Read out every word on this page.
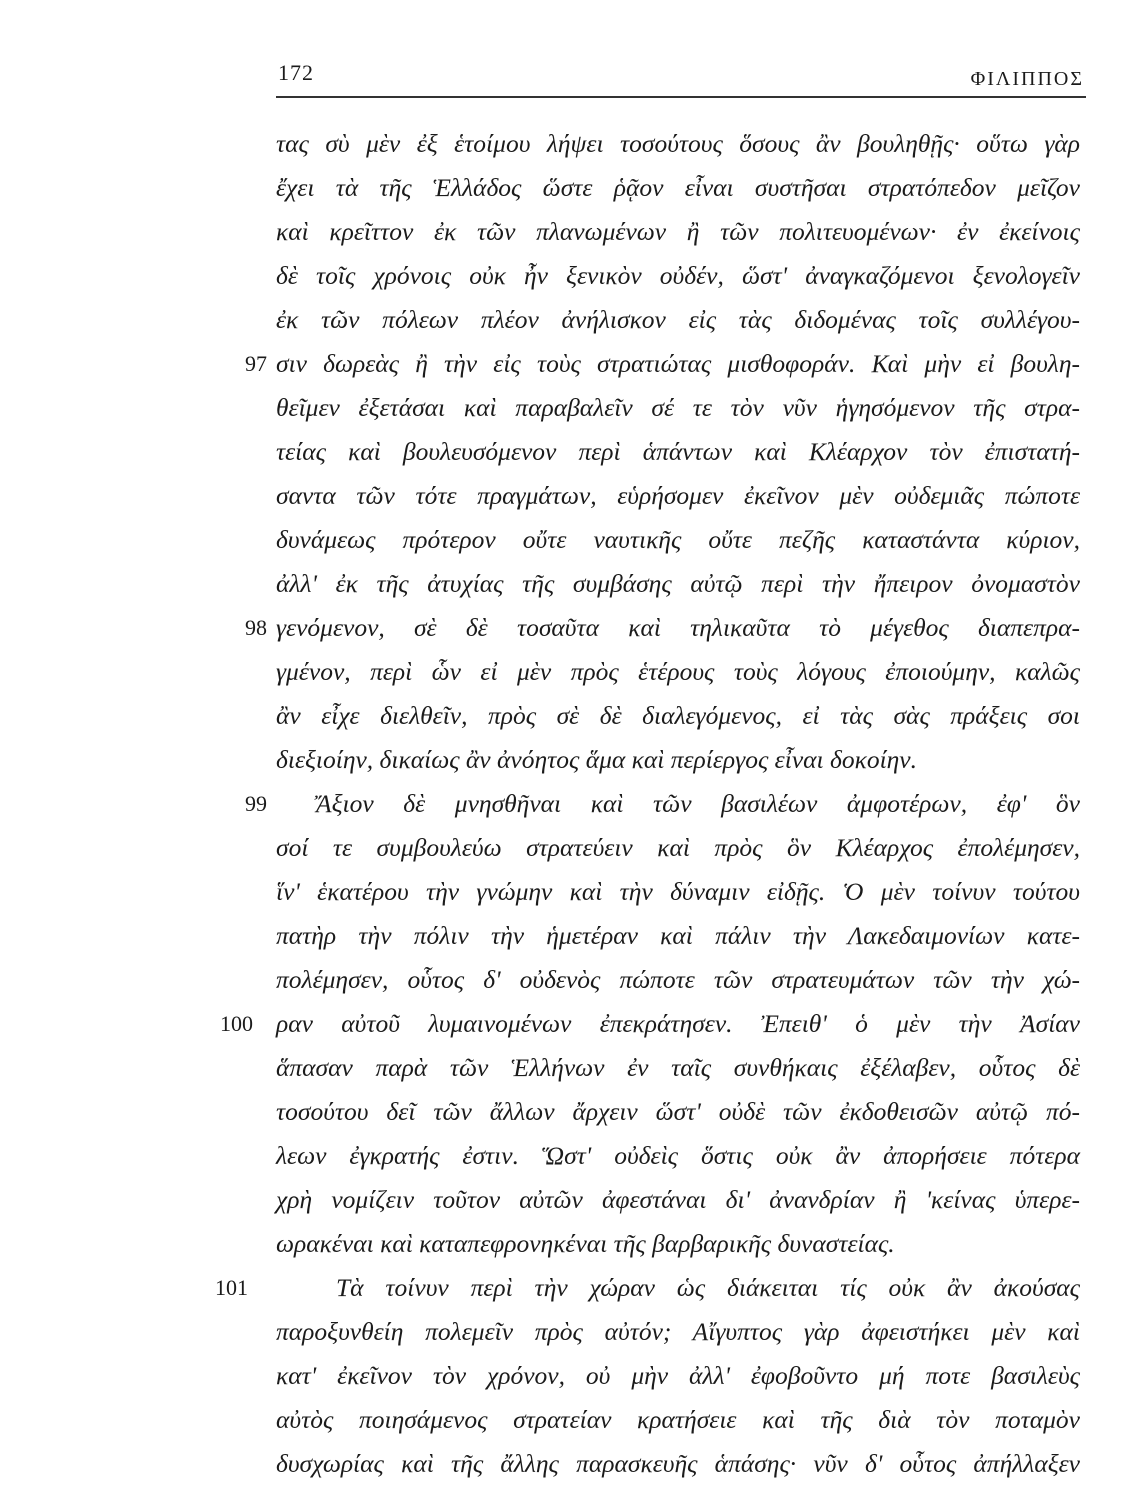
172	ΦΙΛΙΠΠΟΣ
τας σὺ μὲν ἐξ ἑτοίμου λήψει τοσούτους ὅσους ἂν βουληθῇς· οὕτω γὰρ
ἔχει τὰ τῆς Ἑλλάδος ὥστε ῥᾷον εἶναι συστῆσαι στρατόπεδον μεῖζον
καὶ κρεῖττον ἐκ τῶν πλανωμένων ἢ τῶν πολιτευομένων· ἐν ἐκείνοις
δὲ τοῖς χρόνοις οὐκ ἦν ξενικὸν οὐδέν, ὥστ' ἀναγκαζόμενοι ξενολογεῖν
ἐκ τῶν πόλεων πλέον ἀνήλισκον εἰς τὰς διδομένας τοῖς συλλέγου-
97 σιν δωρεὰς ἢ τὴν εἰς τοὺς στρατιώτας μισθοφοράν. Καὶ μὴν εἰ βουλη-
θεῖμεν ἐξετάσαι καὶ παραβαλεῖν σέ τε τὸν νῦν ἡγησόμενον τῆς στρα-
τείας καὶ βουλευσόμενον περὶ ἁπάντων καὶ Κλέαρχον τὸν ἐπιστατή-
σαντα τῶν τότε πραγμάτων, εὑρήσομεν ἐκεῖνον μὲν οὐδεμιᾶς πώποτε
δυνάμεως πρότερον οὔτε ναυτικῆς οὔτε πεζῆς καταστάντα κύριον,
ἀλλ' ἐκ τῆς ἀτυχίας τῆς συμβάσης αὐτῷ περὶ τὴν ἤπειρον ὀνομαστὸν
98 γενόμενον, σὲ δὲ τοσαῦτα καὶ τηλικαῦτα τὸ μέγεθος διαπεπρα-
γμένον, περὶ ὧν εἰ μὲν πρὸς ἑτέρους τοὺς λόγους ἐποιούμην, καλῶς
ἂν εἶχε διελθεῖν, πρὸς σὲ δὲ διαλεγόμενος, εἰ τὰς σὰς πράξεις σοι
διεξιοίην, δικαίως ἂν ἀνόητος ἅμα καὶ περίεργος εἶναι δοκοίην.
99	Ἄξιον δὲ μνησθῆναι καὶ τῶν βασιλέων ἀμφοτέρων, ἐφ' ὃν
σοί τε συμβουλεύω στρατεύειν καὶ πρὸς ὃν Κλέαρχος ἐπολέμησεν,
ἵν' ἑκατέρου τὴν γνώμην καὶ τὴν δύναμιν εἰδῇς. Ὁ μὲν τοίνυν τούτου
πατὴρ τὴν πόλιν τὴν ἡμετέραν καὶ πάλιν τὴν Λακεδαιμονίων κατε-
πολέμησεν, οὗτος δ' οὐδενὸς πώποτε τῶν στρατευμάτων τῶν τὴν χώ-
100 ραν αὐτοῦ λυμαινομένων ἐπεκράτησεν. Ἐπειθ' ὁ μὲν τὴν Ἀσίαν
ἅπασαν παρὰ τῶν Ἑλλήνων ἐν ταῖς συνθήκαις ἐξέλαβεν, οὗτος δὲ
τοσούτου δεῖ τῶν ἄλλων ἄρχειν ὥστ' οὐδὲ τῶν ἐκδοθεισῶν αὐτῷ πό-
λεων ἐγκρατής ἐστιν. Ὥστ' οὐδεὶς ὅστις οὐκ ἂν ἀπορήσειε πότερα
χρὴ νομίζειν τοῦτον αὐτῶν ἀφεστάναι δι' ἀνανδρίαν ἢ 'κείνας ὑπερε-
ωρακέναι καὶ καταπεφρονηκέναι τῆς βαρβαρικῆς δυναστείας.
101	Τὰ τοίνυν περὶ τὴν χώραν ὡς διάκειται τίς οὐκ ἂν ἀκούσας
παροξυνθείη πολεμεῖν πρὸς αὐτόν; Αἴγυπτος γὰρ ἀφειστήκει μὲν καὶ
κατ' ἐκεῖνον τὸν χρόνον, οὐ μὴν ἀλλ' ἐφοβοῦντο μή ποτε βασιλεὺς
αὐτὸς ποιησάμενος στρατείαν κρατήσειε καὶ τῆς διὰ τὸν ποταμὸν
δυσχωρίας καὶ τῆς ἄλλης παρασκευῆς ἁπάσης· νῦν δ' οὗτος ἀπήλλαξεν
